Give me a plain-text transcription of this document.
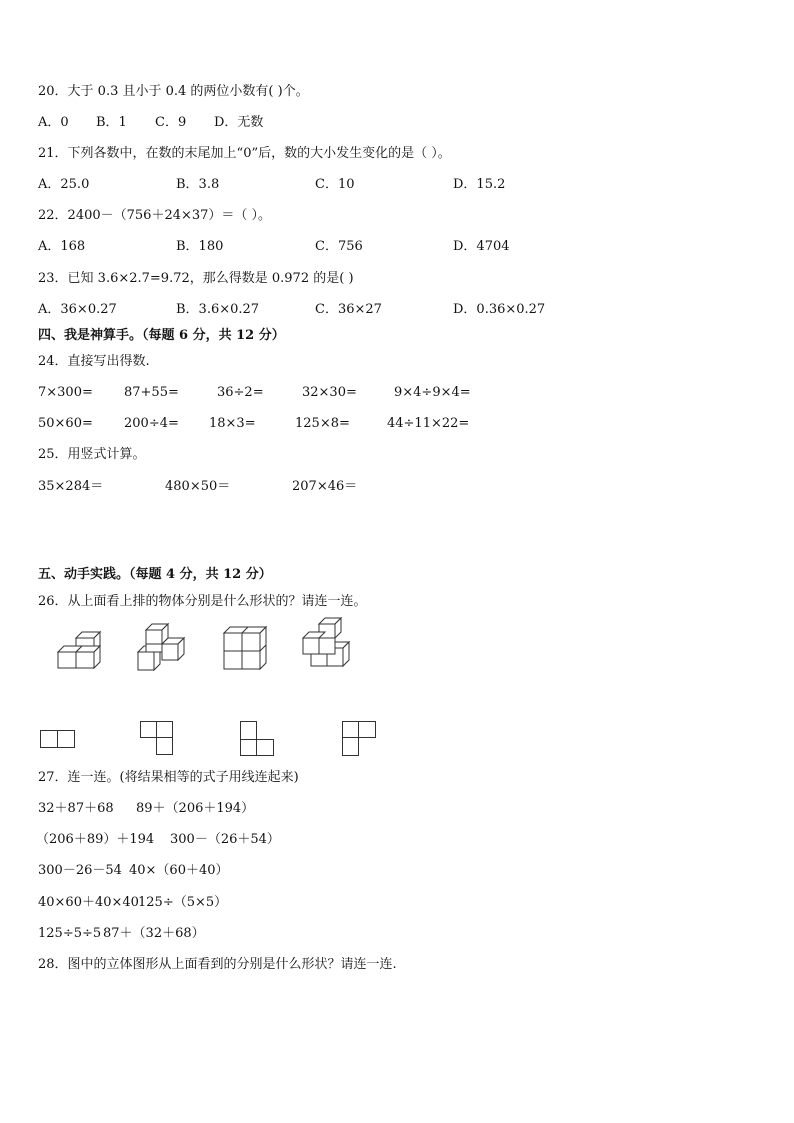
20．大于 0.3 且小于 0.4 的两位小数有( )个。
A．0 B．1 C．9 D．无数
21．下列各数中，在数的末尾加上“0”后，数的大小发生变化的是（ ）。
A．25.0	B．3.8	C．10	D．15.2
22．2400－（756＋24×37）＝（ ）。
A．168	B．180	C．756	D．4704
23．已知 3.6×2.7=9.72，那么得数是 0.972 的是( )
A．36×0.27	B．3.6×0.27	C．36×27	D．0.36×0.27
四、我是神算手。（每题 6 分，共 12 分）
24．直接写出得数.
7×300= 87+55=	36÷2=	32×30=	9×4÷9×4=
50×60= 200÷4= 18×3=	125×8=	44÷11×22=
25．用竖式计算。
35×284＝	480×50＝	207×46＝
五、动手实践。（每题 4 分，共 12 分）
26．从上面看上排的物体分别是什么形状的？请连一连。
27．连一连。(将结果相等的式子用线连起来)
32＋87＋68 89＋（206＋194）
（206＋89）＋194 300－（26＋54）
300－26－54 40×（60＋40）
40×60＋40×40 125÷（5×5）
125÷5÷5 87＋（32＋68）
28．图中的立体图形从上面看到的分别是什么形状？请连一连.
